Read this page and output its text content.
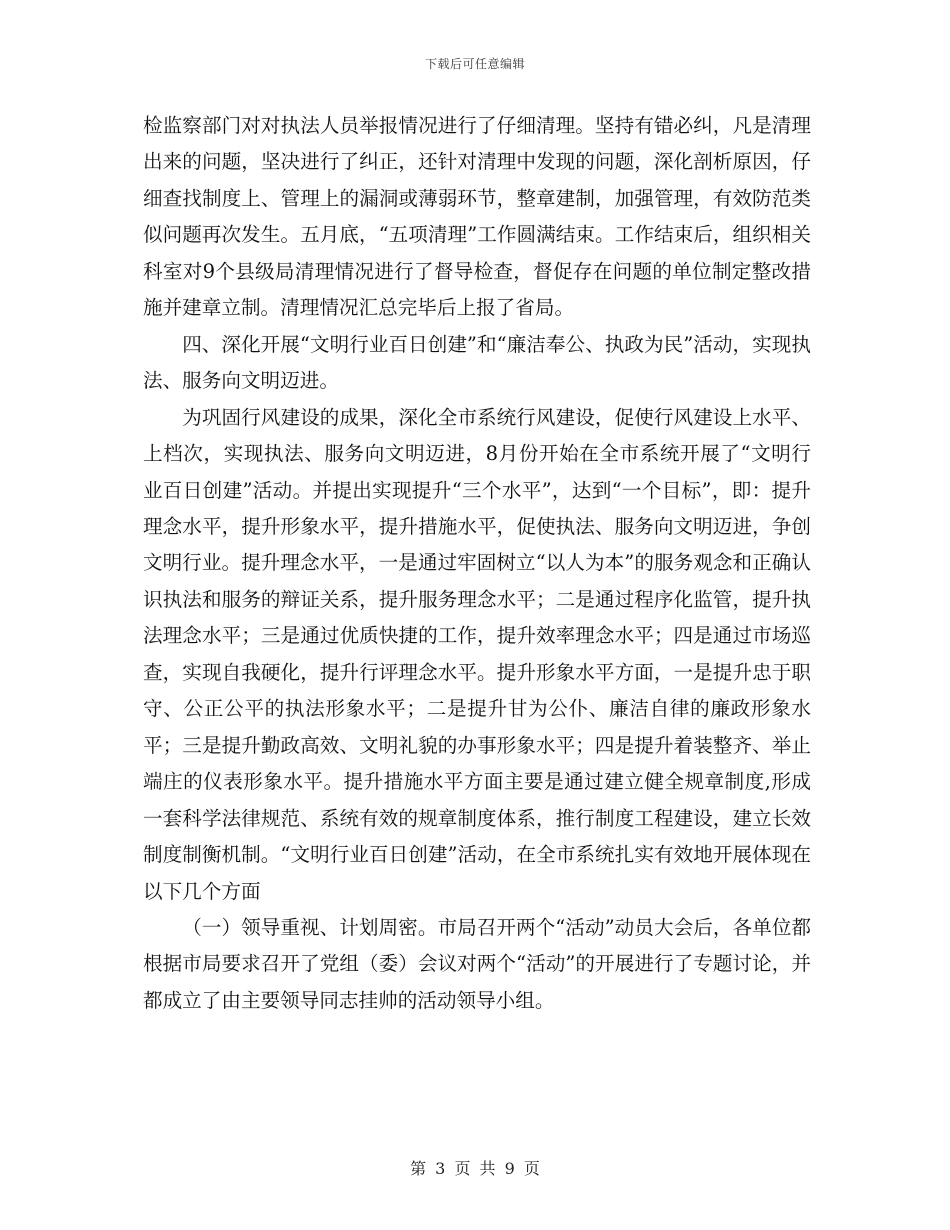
下载后可任意编辑

检监察部门对对执法人员举报情况进行了仔细清理。坚持有错必纠，凡是清理出来的问题，坚决进行了纠正，还针对清理中发现的问题，深化剖析原因，仔细查找制度上、管理上的漏洞或薄弱环节，整章建制，加强管理，有效防范类似问题再次发生。五月底，“五项清理”工作圆满结束。工作结束后，组织相关科室对9个县级局清理情况进行了督导检查，督促存在问题的单位制定整改措施并建章立制。清理情况汇总完毕后上报了省局。

四、深化开展“文明行业百日创建”和“廉洁奉公、执政为民”活动，实现执法、服务向文明迈进。

为巩固行风建设的成果，深化全市系统行风建设，促使行风建设上水平、上档次，实现执法、服务向文明迈进，8月份开始在全市系统开展了“文明行业百日创建”活动。并提出实现提升“三个水平”，达到“一个目标”，即：提升理念水平，提升形象水平，提升措施水平，促使执法、服务向文明迈进，争创文明行业。提升理念水平，一是通过牢固树立“以人为本”的服务观念和正确认识执法和服务的辩证关系，提升服务理念水平；二是通过程序化监管，提升执法理念水平；三是通过优质快捷的工作，提升效率理念水平；四是通过市场巡查，实现自我硬化，提升行评理念水平。提升形象水平方面，一是提升忠于职守、公正公平的执法形象水平；二是提升甘为公仆、廉洁自律的廉政形象水平；三是提升勤政高效、文明礼貌的办事形象水平；四是提升着装整齐、举止端庄的仪表形象水平。提升措施水平方面主要是通过建立健全规章制度,形成一套科学法律规范、系统有效的规章制度体系，推行制度工程建设，建立长效制度制衡机制。“文明行业百日创建”活动，在全市系统扎实有效地开展体现在以下几个方面

（一）领导重视、计划周密。市局召开两个“活动”动员大会后，各单位都根据市局要求召开了党组（委）会议对两个“活动”的开展进行了专题讨论，并都成立了由主要领导同志挂帅的活动领导小组。

第 3 页 共 9 页
